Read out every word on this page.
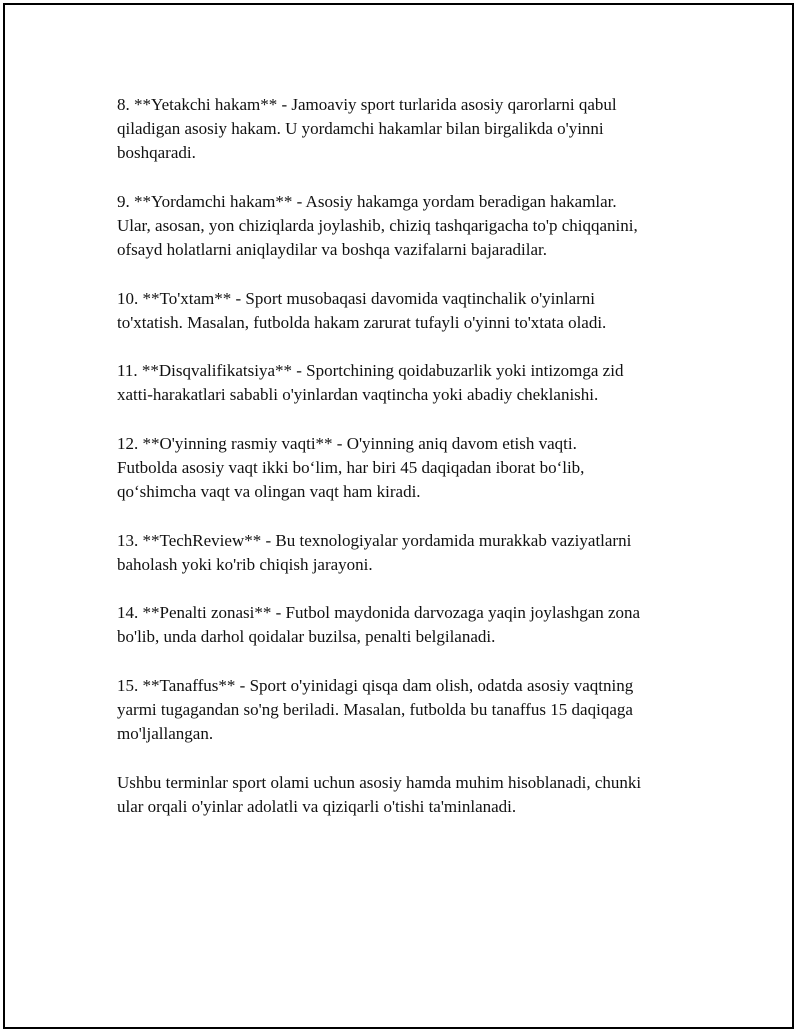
8. **Yetakchi hakam** - Jamoaviy sport turlarida asosiy qarorlarni qabul
qiladigan asosiy hakam. U yordamchi hakamlar bilan birgalikda o'yinni
boshqaradi.

9. **Yordamchi hakam** - Asosiy hakamga yordam beradigan hakamlar.
Ular, asosan, yon chiziqlarda joylashib, chiziq tashqarigacha to'p chiqqanini,
ofsayd holatlarni aniqlaydilar va boshqa vazifalarni bajaradilar.

10. **To'xtam** - Sport musobaqasi davomida vaqtinchalik o'yinlarni
to'xtatish. Masalan, futbolda hakam zarurat tufayli o'yinni to'xtata oladi.

11. **Disqvalifikatsiya** - Sportchining qoidabuzarlik yoki intizomga zid
xatti-harakatlari sababli o'yinlardan vaqtincha yoki abadiy cheklanishi.

12. **O'yinning rasmiy vaqti** - O'yinning aniq davom etish vaqti.
Futbolda asosiy vaqt ikki bo‘lim, har biri 45 daqiqadan iborat bo‘lib,
qo‘shimcha vaqt va olingan vaqt ham kiradi.

13. **TechReview** - Bu texnologiyalar yordamida murakkab vaziyatlarni
baholash yoki ko'rib chiqish jarayoni.

14. **Penalti zonasi** - Futbol maydonida darvozaga yaqin joylashgan zona
bo'lib, unda darhol qoidalar buzilsa, penalti belgilanadi.

15. **Tanaffus** - Sport o'yinidagi qisqa dam olish, odatda asosiy vaqtning
yarmi tugagandan so'ng beriladi. Masalan, futbolda bu tanaffus 15 daqiqaga
mo'ljallangan.

Ushbu terminlar sport olami uchun asosiy hamda muhim hisoblanadi, chunki
ular orqali o'yinlar adolatli va qiziqarli o'tishi ta'minlanadi.
